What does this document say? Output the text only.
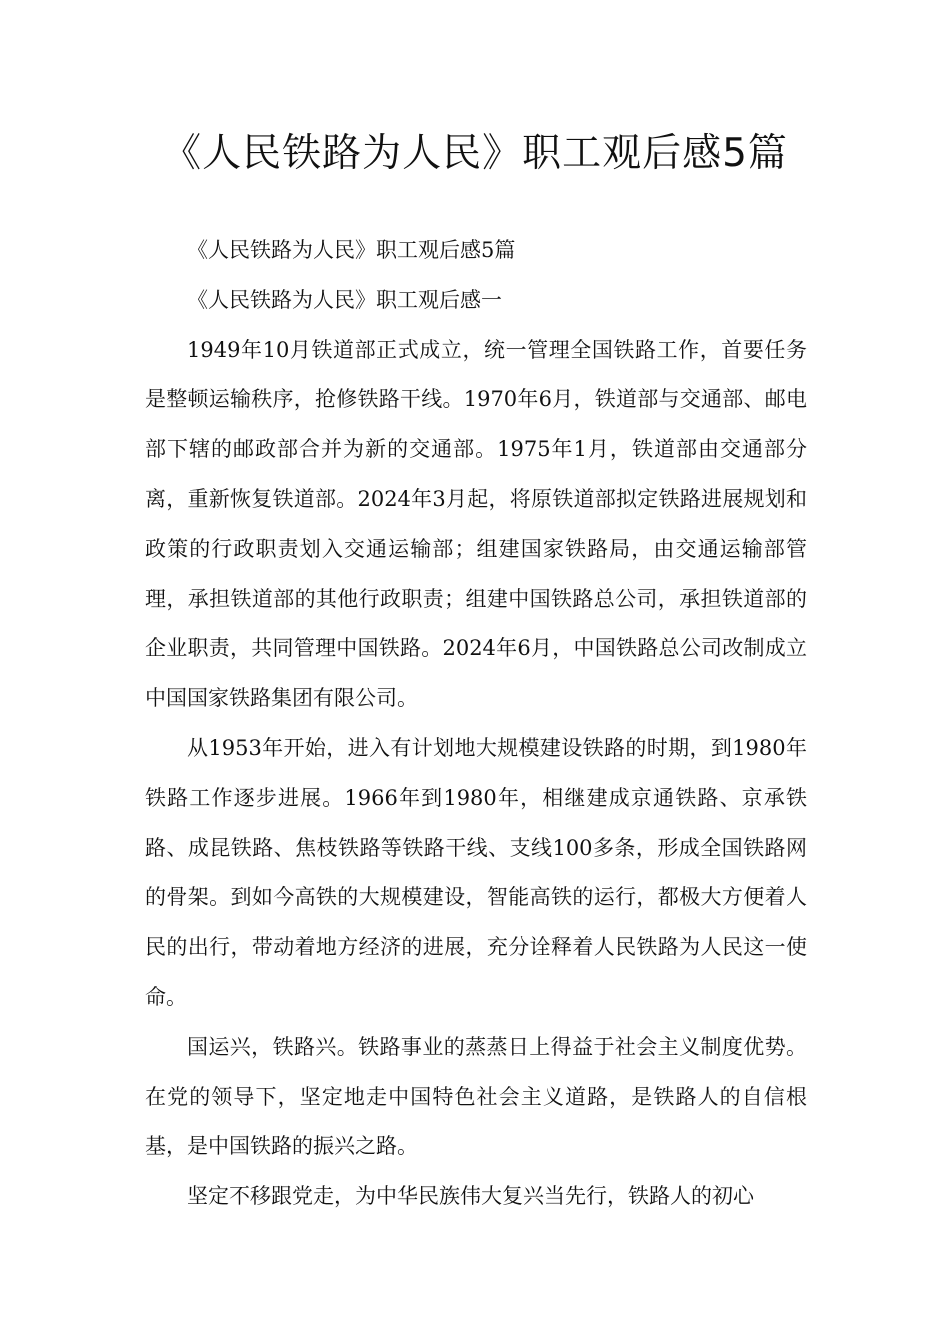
《人民铁路为人民》职工观后感5篇

《人民铁路为人民》职工观后感5篇

《人民铁路为人民》职工观后感一

1949年10月铁道部正式成立，统一管理全国铁路工作，首要任务是整顿运输秩序，抢修铁路干线。1970年6月，铁道部与交通部、邮电部下辖的邮政部合并为新的交通部。1975年1月，铁道部由交通部分离，重新恢复铁道部。2024年3月起，将原铁道部拟定铁路进展规划和政策的行政职责划入交通运输部；组建国家铁路局，由交通运输部管理，承担铁道部的其他行政职责；组建中国铁路总公司，承担铁道部的企业职责，共同管理中国铁路。2024年6月，中国铁路总公司改制成立中国国家铁路集团有限公司。

从1953年开始，进入有计划地大规模建设铁路的时期，到1980年铁路工作逐步进展。1966年到1980年，相继建成京通铁路、京承铁路、成昆铁路、焦枝铁路等铁路干线、支线100多条，形成全国铁路网的骨架。到如今高铁的大规模建设，智能高铁的运行，都极大方便着人民的出行，带动着地方经济的进展，充分诠释着人民铁路为人民这一使命。

国运兴，铁路兴。铁路事业的蒸蒸日上得益于社会主义制度优势。在党的领导下，坚定地走中国特色社会主义道路，是铁路人的自信根基，是中国铁路的振兴之路。

坚定不移跟党走，为中华民族伟大复兴当先行，铁路人的初心
